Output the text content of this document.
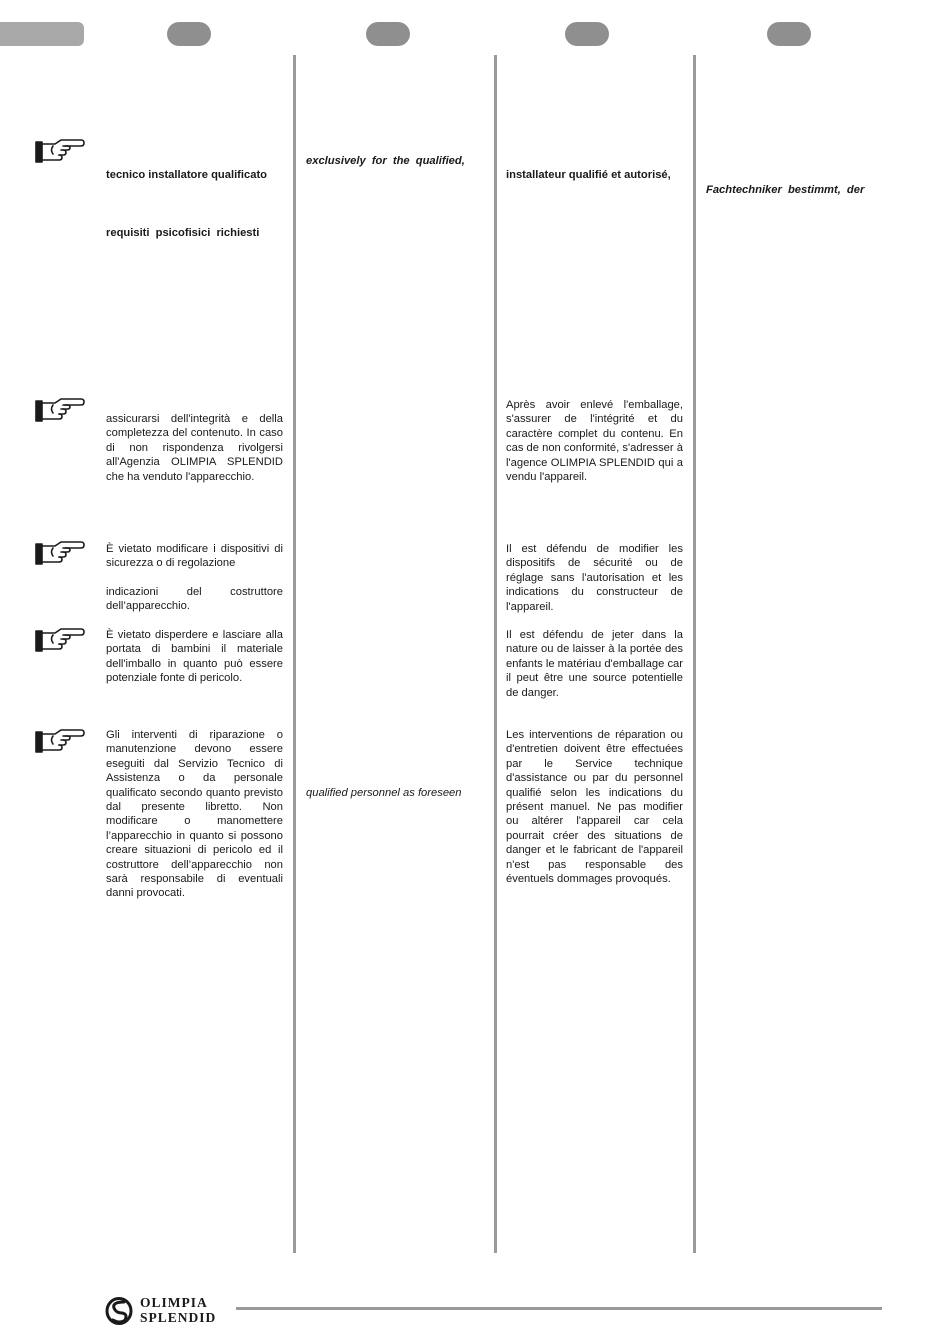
tecnico installatore qualificato

requisiti psicofisici richiesti

assicurarsi dell'integrità e della completezza del contenuto. In caso di non rispondenza rivolgersi all'Agenzia OLIMPIA SPLENDID che ha venduto l'apparecchio.

È vietato modificare i dispositivi di sicurezza o di regolazione

indicazioni del costruttore dell’apparecchio.

È vietato disperdere e lasciare alla portata di bambini il materiale dell'imballo in quanto può essere potenziale fonte di pericolo.

Gli interventi di riparazione o manutenzione devono essere eseguiti dal Servizio Tecnico di Assistenza o da personale qualificato secondo quanto previsto dal presente libretto. Non modificare o manomettere l’apparecchio in quanto si possono creare situazioni di pericolo ed il costruttore dell’apparecchio non sarà responsabile di eventuali danni provocati.

exclusively for the qualified,

qualified personnel as foreseen

installateur qualifié et autorisé,

Après avoir enlevé l'emballage, s'assurer de l'intégrité et du caractère complet du contenu. En cas de non conformité, s'adresser à l'agence OLIMPIA SPLENDID qui a vendu l'appareil.

Il est défendu de modifier les dispositifs de sécurité ou de réglage sans l'autorisation et les indications du constructeur de l'appareil.

Il est défendu de jeter dans la nature ou de laisser à la portée des enfants le matériau d'emballage car il peut être une source potentielle de danger.

Les interventions de réparation ou d'entretien doivent être effectuées par le Service technique d'assistance ou par du personnel qualifié selon les indications du présent manuel. Ne pas modifier ou altérer l'appareil car cela pourrait créer des situations de danger et le fabricant de l'appareil n'est pas responsable des éventuels dommages provoqués.

Fachtechniker bestimmt, der

OLIMPIA
SPLENDID
